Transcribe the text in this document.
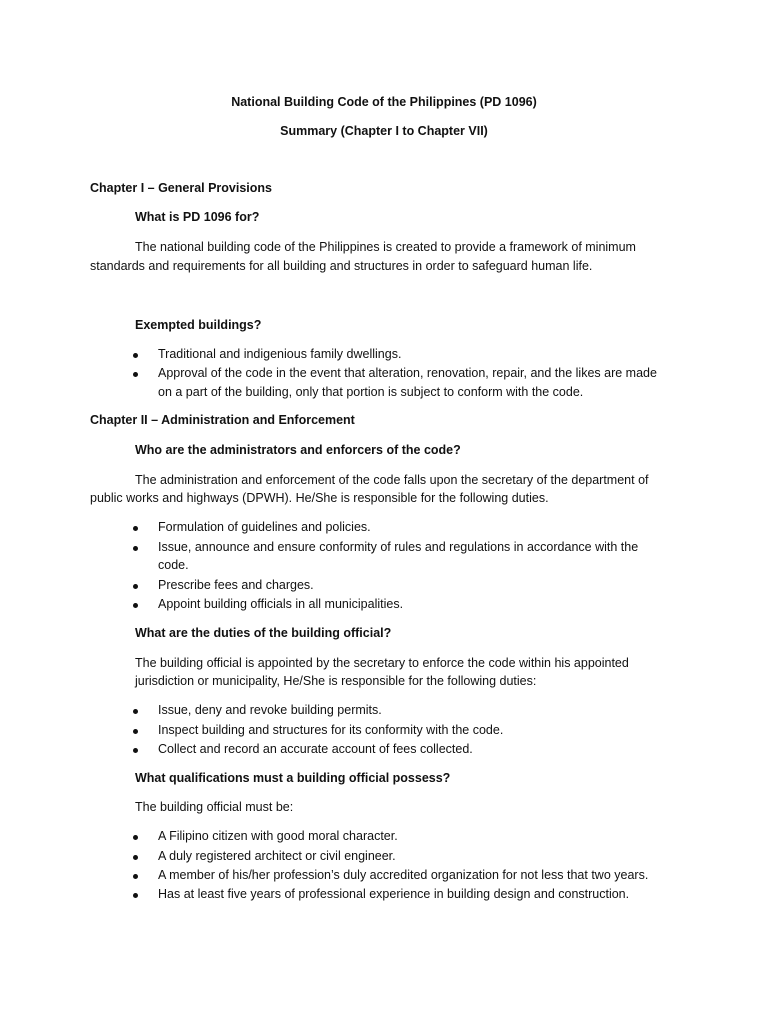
National Building Code of the Philippines (PD 1096)
Summary (Chapter I to Chapter VII)
Chapter I – General Provisions
What is PD 1096 for?
The national building code of the Philippines is created to provide a framework of minimum
standards and requirements for all building and structures in order to safeguard human life.
Exempted buildings?
Traditional and indigenious family dwellings.
Approval of the code in the event that alteration, renovation, repair, and the likes are made
on a part of the building, only that portion is subject to conform with the code.
Chapter II – Administration and Enforcement
Who are the administrators and enforcers of the code?
The administration and enforcement of the code falls upon the secretary of the department of
public works and highways (DPWH). He/She is responsible for the following duties.
Formulation of guidelines and policies.
Issue, announce and ensure conformity of rules and regulations in accordance with the
code.
Prescribe fees and charges.
Appoint building officials in all municipalities.
What are the duties of the building official?
The building official is appointed by the secretary to enforce the code within his appointed
jurisdiction or municipality, He/She is responsible for the following duties:
Issue, deny and revoke building permits.
Inspect building and structures for its conformity with the code.
Collect and record an accurate account of fees collected.
What qualifications must a building official possess?
The building official must be:
A Filipino citizen with good moral character.
A duly registered architect or civil engineer.
A member of his/her profession’s duly accredited organization for not less that two years.
Has at least five years of professional experience in building design and construction.
